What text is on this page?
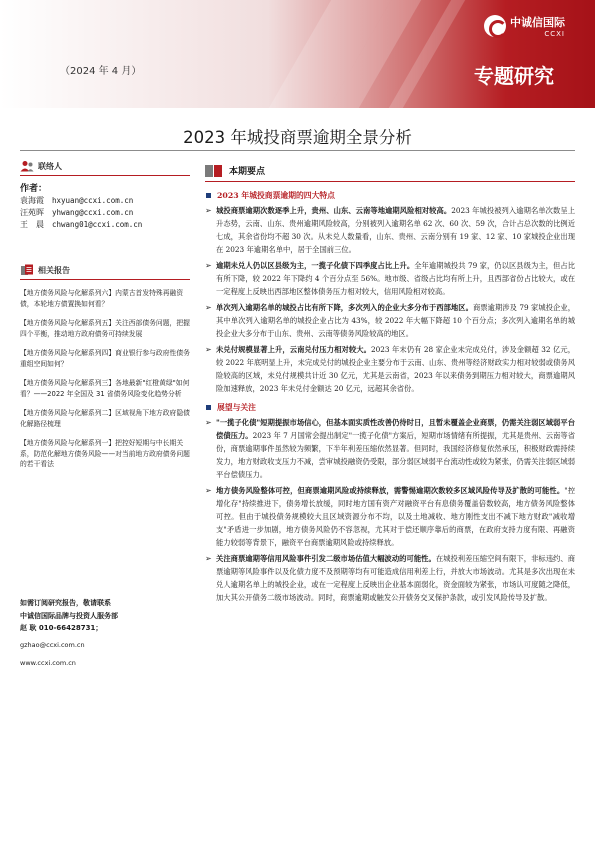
（2024 年 4 月）
中诚信国际
CCXI
专题研究
2023 年城投商票逾期全景分析
联络人
作者：
袁海霞	hxyuan@ccxi.com.cn
汪苑晖	yhwang@ccxi.com.cn
王　晨	chwang01@ccxi.com.cn
相关报告

【地方债务风险与化解系列六】内蒙古首发特殊再融资债，本轮地方债置换如何看？

【地方债务风险与化解系列五】关注西部债务问题，把握四个平衡，推动地方政府债务可持续发展

【地方债务风险与化解系列四】商业银行参与政府性债务重组空间如何？

【地方债务风险与化解系列三】各地最新"红橙黄绿"如何看？——2022 年全国及 31 省债务风险变化趋势分析

【地方债务风险与化解系列二】区域视角下地方政府隐债化解路径梳理

【地方债务风险与化解系列一】把控好短期与中长期关系，防范化解地方债务风险——对当前地方政府债务问题的若干看法

如需订阅研究报告，敬请联系
中诚信国际品牌与投资人服务部
赵 耿 010-66428731；
gzhao@ccxi.com.cn
www.ccxi.com.cn
本期要点
2023 年城投商票逾期的四大特点
➢ 城投商票逾期次数逐季上升，贵州、山东、云南等地逾期风险相对较高。2023 年城投被列入逾期名单次数呈上升态势，云南、山东、贵州逾期风险较高，分别被列入逾期名单 62 次、60 次、59 次，合计占总次数的比例近七成，其余省份均不超 30 次。从未兑人数量看，山东、贵州、云南分别有 19 家、12 家、10 家城投企业出现在 2023 年逾期名单中，居于全国前三位。

➢ 逾期未兑人仍以区县级为主，一揽子化债下四季度占比上升。全年逾期城投共 79 家，仍以区县级为主，但占比有所下降，较 2022 年下降约 4 个百分点至 56%。地市级、省级占比均有所上升，且西部省份占比较大，或在一定程度上反映出西部地区整体债务压力相对较大，信用风险相对较高。

➢ 单次列入逾期名单的城投占比有所下降，多次列入的企业大多分布于西部地区。商票逾期涉及 79 家城投企业，其中单次列入逾期名单的城投企业占比为 43%，较 2022 年大幅下降超 10 个百分点；多次列入逾期名单的城投企业大多分布于山东、贵州、云南等债务风险较高的地区。

➢ 未兑付规模显著上升，云南兑付压力相对较大。2023 年末仍有 28 家企业未完成兑付，涉及金额超 32 亿元，较 2022 年底明显上升，未完成兑付的城投企业主要分布于云南、山东、贵州等经济财政实力相对较弱或债务风险较高的区域，未兑付规模共计近 30 亿元，尤其是云南省，2023 年以来债务到期压力相对较大，商票逾期风险加速释放，2023 年未兑付金额达 20 亿元，远超其余省份。

展望与关注
➢ "一揽子化债"短期提振市场信心，但基本面实质性改善仍待时日，且暂未覆盖企业商票，仍需关注弱区域弱平台偿债压力。2023 年 7 月国常会提出制定"一揽子化债"方案后，短期市场情绪有所提振，尤其是贵州、云南等省份，商票逾期事件虽然较为频繁，下半年利差压缩依然显著。但同时，我国经济修复依然承压，积极财政需持续发力，地方财政收支压力不减，尝审城投融资仍受限，部分弱区域弱平台流动性或较为紧张，仍需关注弱区域弱平台偿债压力。

➢ 地方债务风险整体可控，但商票逾期风险或持续释放，需警惕逾期次数较多区域风险传导及扩散的可能性。"控增化存"持续推进下，债务增长放缓，同时地方国有资产对融资平台有息债务覆盖倍数较高，地方债务风险整体可控。但由于城投债务规模较大且区域资源分布不均，以及土地减收、地方刚性支出不减下地方财政"减收增支"矛盾进一步加剧，地方债务风险仍不容忽视，尤其对于偿还顺序靠后的商票，在政府支持力度有限、再融资能力较弱等背景下，融资平台商票逾期风险或持续释放。

➢ 关注商票逾期等信用风险事件引发二级市场估值大幅波动的可能性。在城投利差压缩空间有限下，非标违约、商票逾期等风险事件以及化债力度不及预期等均有可能造成信用利差上行，并放大市场波动。尤其是多次出现在未兑人逾期名单上的城投企业，或在一定程度上反映出企业基本面弱化，资金面较为紧张，市场认可度随之降低，加大其公开债务二级市场波动。同时，商票逾期或触发公开债务交叉保护条款，或引发风险传导及扩散。
